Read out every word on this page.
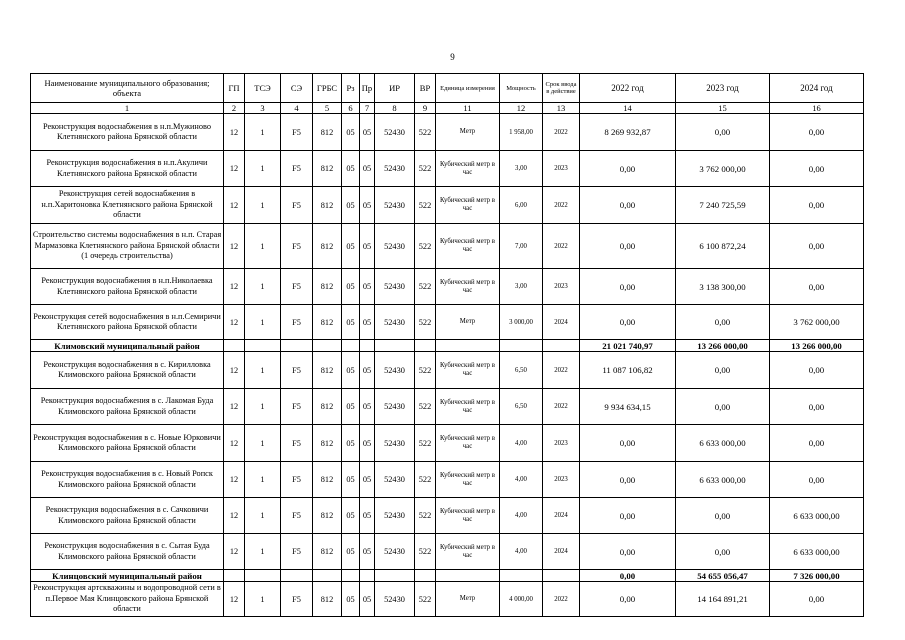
9
Наименование муниципального образования; объекта	ГП	ТСЭ	СЭ	ГРБС	Рз	Пр	ИР	ВР	Единица измерения	Мощность	Срок ввода в действие	2022 год	2023 год	2024 год
1	2	3	4	5	6	7	8	9	11	12	13	14	15	16
Реконструкция водоснабжения в н.п.Мужиново Клетнянского района Брянской области	12	1	F5	812	05	05	52430	522	Метр	1 958,00	2022	8 269 932,87	0,00	0,00
Реконструкция водоснабжения в н.п.Акуличи Клетнянского района Брянской области	12	1	F5	812	05	05	52430	522	Кубический метр в час	3,00	2023	0,00	3 762 000,00	0,00
Реконструкция сетей водоснабжения в н.п.Харитоновка Клетнянского района Брянской области	12	1	F5	812	05	05	52430	522	Кубический метр в час	6,00	2022	0,00	7 240 725,59	0,00
Строительство системы водоснабжения в н.п. Старая Мармазовка Клетнянского района Брянской области (1 очередь строительства)	12	1	F5	812	05	05	52430	522	Кубический метр в час	7,00	2022	0,00	6 100 872,24	0,00
Реконструкция водоснабжения в н.п.Николаевка Клетнянского района Брянской области	12	1	F5	812	05	05	52430	522	Кубический метр в час	3,00	2023	0,00	3 138 300,00	0,00
Реконструкция сетей водоснабжения в н.п.Семиричи Клетнянского района Брянской области	12	1	F5	812	05	05	52430	522	Метр	3 000,00	2024	0,00	0,00	3 762 000,00
Климовский муниципальный район												21 021 740,97	13 266 000,00	13 266 000,00
Реконструкция водоснабжения в с. Кирилловка Климовского района Брянской области	12	1	F5	812	05	05	52430	522	Кубический метр в час	6,50	2022	11 087 106,82	0,00	0,00
Реконструкция водоснабжения в с. Лакомая Буда Климовского района Брянской области	12	1	F5	812	05	05	52430	522	Кубический метр в час	6,50	2022	9 934 634,15	0,00	0,00
Реконструкция водоснабжения в с. Новые Юрковичи Климовского района Брянской области	12	1	F5	812	05	05	52430	522	Кубический метр в час	4,00	2023	0,00	6 633 000,00	0,00
Реконструкция водоснабжения в с. Новый Ропск Климовского района Брянской области	12	1	F5	812	05	05	52430	522	Кубический метр в час	4,00	2023	0,00	6 633 000,00	0,00
Реконструкция водоснабжения в с. Сачковичи Климовского района Брянской области	12	1	F5	812	05	05	52430	522	Кубический метр в час	4,00	2024	0,00	0,00	6 633 000,00
Реконструкция водоснабжения в с. Сытая Буда Климовского района Брянской области	12	1	F5	812	05	05	52430	522	Кубический метр в час	4,00	2024	0,00	0,00	6 633 000,00
Клинцовский муниципальный район												0,00	54 655 056,47	7 326 000,00
Реконструкция артскважины и водопроводной сети в п.Первое Мая Клинцовского района Брянской области	12	1	F5	812	05	05	52430	522	Метр	4 000,00	2022	0,00	14 164 891,21	0,00
